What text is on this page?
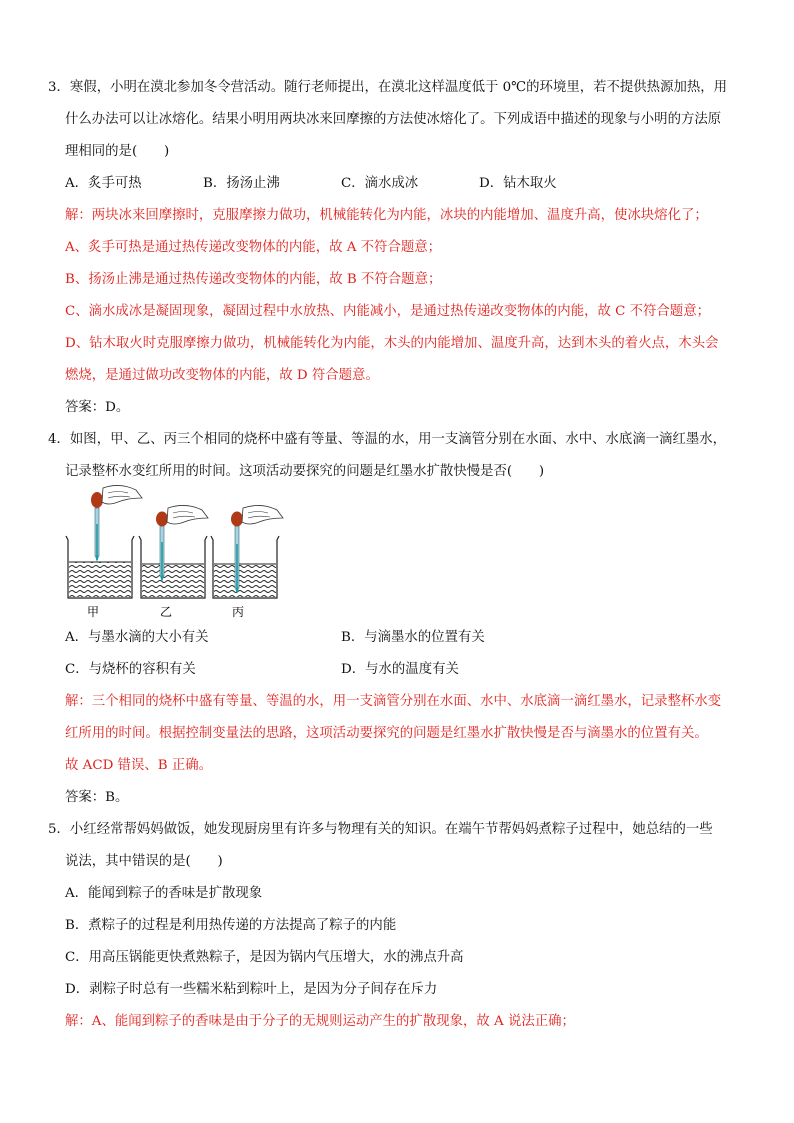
3．寒假，小明在漠北参加冬令营活动。随行老师提出，在漠北这样温度低于 0℃的环境里，若不提供热源加热，用
什么办法可以让冰熔化。结果小明用两块冰来回摩擦的方法使冰熔化了。下列成语中描述的现象与小明的方法原
理相同的是(　　)
A．炙手可热	B．扬汤止沸	C．滴水成冰	D．钻木取火
解：两块冰来回摩擦时，克服摩擦力做功，机械能转化为内能，冰块的内能增加、温度升高，使冰块熔化了；
A、炙手可热是通过热传递改变物体的内能，故 A 不符合题意；
B、扬汤止沸是通过热传递改变物体的内能，故 B 不符合题意；
C、滴水成冰是凝固现象，凝固过程中水放热、内能减小，是通过热传递改变物体的内能，故 C 不符合题意；
D、钻木取火时克服摩擦力做功，机械能转化为内能，木头的内能增加、温度升高，达到木头的着火点，木头会
燃烧，是通过做功改变物体的内能，故 D 符合题意。
答案：D。
4．如图，甲、乙、丙三个相同的烧杯中盛有等量、等温的水，用一支滴管分别在水面、水中、水底滴一滴红墨水，
记录整杯水变红所用的时间。这项活动要探究的问题是红墨水扩散快慢是否(　　)
甲	乙	丙
A．与墨水滴的大小有关	B．与滴墨水的位置有关
C．与烧杯的容积有关	D．与水的温度有关
解：三个相同的烧杯中盛有等量、等温的水，用一支滴管分别在水面、水中、水底滴一滴红墨水，记录整杯水变
红所用的时间。根据控制变量法的思路，这项活动要探究的问题是红墨水扩散快慢是否与滴墨水的位置有关。
故 ACD 错误、B 正确。
答案：B。
5．小红经常帮妈妈做饭，她发现厨房里有许多与物理有关的知识。在端午节帮妈妈煮粽子过程中，她总结的一些
说法，其中错误的是(　　)
A．能闻到粽子的香味是扩散现象
B．煮粽子的过程是利用热传递的方法提高了粽子的内能
C．用高压锅能更快煮熟粽子，是因为锅内气压增大，水的沸点升高
D．剥粽子时总有一些糯米粘到粽叶上，是因为分子间存在斥力
解：A、能闻到粽子的香味是由于分子的无规则运动产生的扩散现象，故 A 说法正确；
